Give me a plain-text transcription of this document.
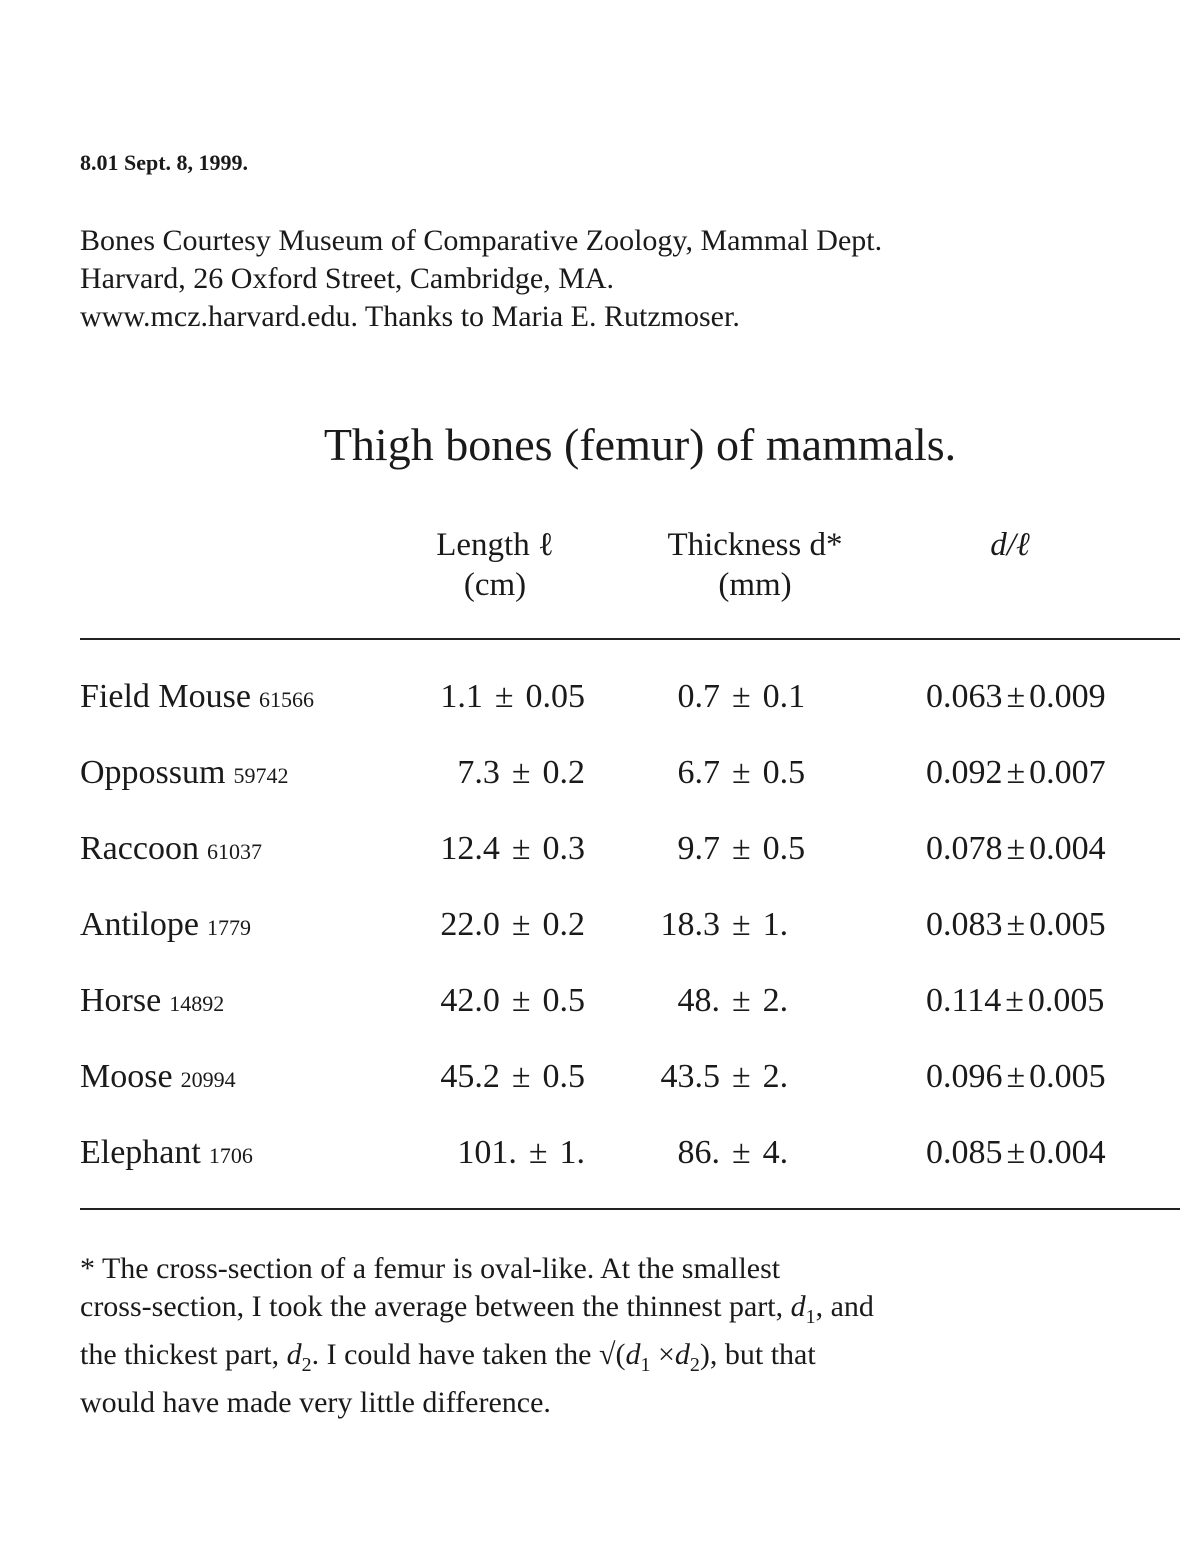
8.01 Sept. 8, 1999.
Bones Courtesy Museum of Comparative Zoology, Mammal Dept.
Harvard, 26 Oxford Street, Cambridge, MA.
www.mcz.harvard.edu. Thanks to Maria E. Rutzmoser.
Thigh bones (femur) of mammals.
Length ℓ
(cm)
Thickness d*
(mm)
d/ℓ
Field Mouse 61566	1.1 ± 0.05	0.7 ± 0.1	0.063 ± 0.009
Oppossum 59742	7.3 ± 0.2	6.7 ± 0.5	0.092 ± 0.007
Raccoon 61037	12.4 ± 0.3	9.7 ± 0.5	0.078 ± 0.004
Antilope 1779	22.0 ± 0.2	18.3 ± 1.	0.083 ± 0.005
Horse 14892	42.0 ± 0.5	48. ± 2.	0.114 ± 0.005
Moose 20994	45.2 ± 0.5	43.5 ± 2.	0.096 ± 0.005
Elephant 1706	101. ± 1.	86. ± 4.	0.085 ± 0.004
* The cross-section of a femur is oval-like. At the smallest
cross-section, I took the average between the thinnest part, $d_1$, and
the thickest part, $d_2$. I could have taken the $√(d_1 \times d_2)$, but that
would have made very little difference.
